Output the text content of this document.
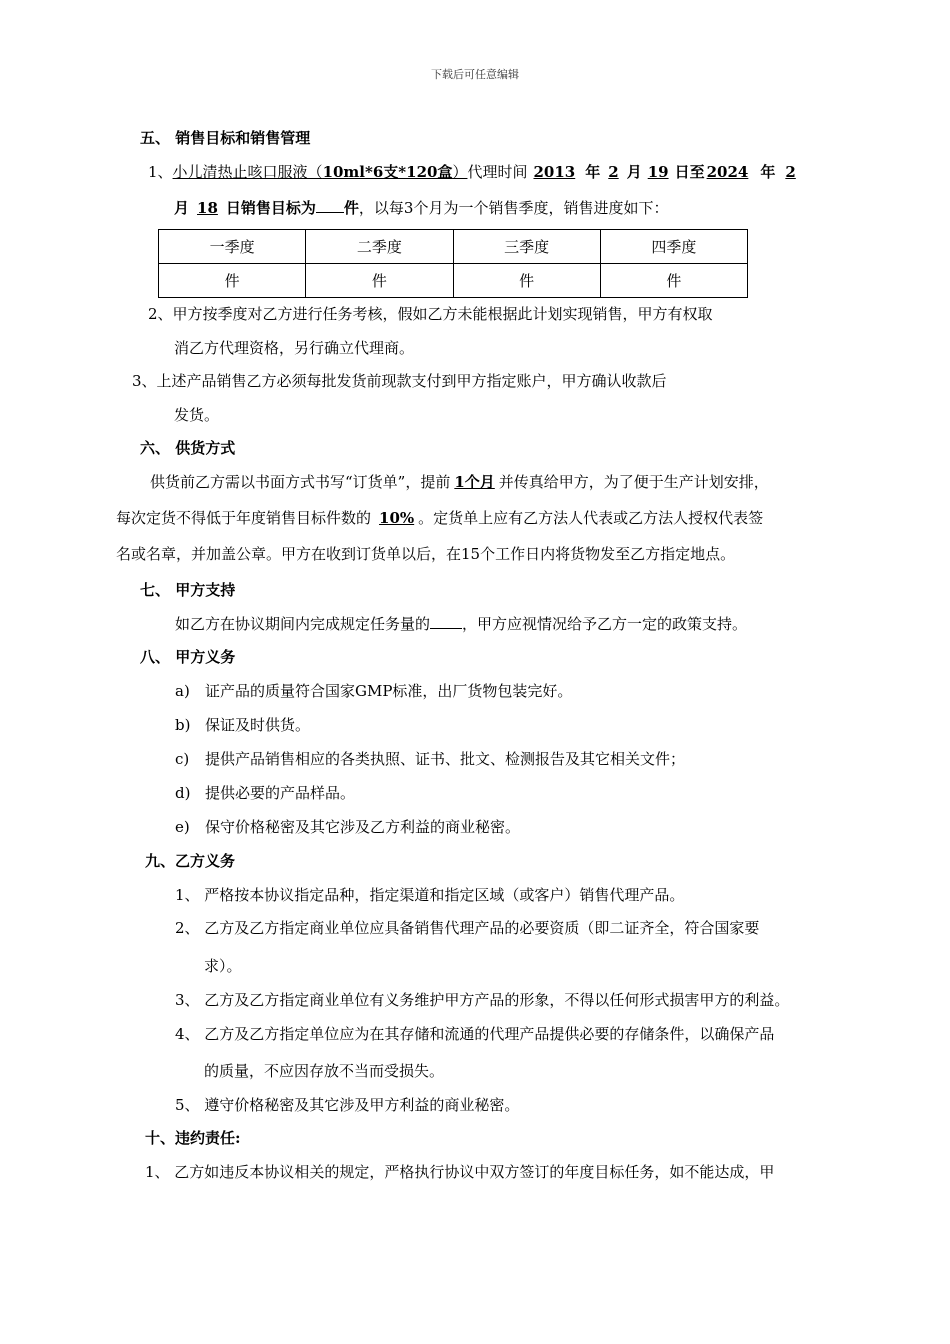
下载后可任意编辑
五、 销售目标和销售管理
1、小儿清热止咳口服液（10ml*6支*120盒）代理时间 2013 年 2 月 19 日至 2024 年 2
月 18 日销售目标为 件，以每3个月为一个销售季度，销售进度如下：
一季度	二季度	三季度	四季度
件	件	件	件
2、甲方按季度对乙方进行任务考核，假如乙方未能根据此计划实现销售，甲方有权取
消乙方代理资格，另行确立代理商。
3、上述产品销售乙方必须每批发货前现款支付到甲方指定账户，甲方确认收款后
发货。
六、 供货方式
供货前乙方需以书面方式书写“订货单”，提前 1个月 并传真给甲方，为了便于生产计划安排，
每次定货不得低于年度销售目标件数的 10% 。定货单上应有乙方法人代表或乙方法人授权代表签
名或名章，并加盖公章。甲方在收到订货单以后，在15个工作日内将货物发至乙方指定地点。
七、 甲方支持
如乙方在协议期间内完成规定任务量的 ，甲方应视情况给予乙方一定的政策支持。
八、 甲方义务
a) 证产品的质量符合国家GMP标准，出厂货物包装完好。
b) 保证及时供货。
c) 提供产品销售相应的各类执照、证书、批文、检测报告及其它相关文件；
d) 提供必要的产品样品。
e) 保守价格秘密及其它涉及乙方利益的商业秘密。
九、乙方义务
1、 严格按本协议指定品种，指定渠道和指定区域（或客户）销售代理产品。
2、 乙方及乙方指定商业单位应具备销售代理产品的必要资质（即二证齐全，符合国家要
求）。
3、 乙方及乙方指定商业单位有义务维护甲方产品的形象，不得以任何形式损害甲方的利益。
4、 乙方及乙方指定单位应为在其存储和流通的代理产品提供必要的存储条件，以确保产品
的质量，不应因存放不当而受损失。
5、 遵守价格秘密及其它涉及甲方利益的商业秘密。
十、违约责任:
1、 乙方如违反本协议相关的规定，严格执行协议中双方签订的年度目标任务，如不能达成，甲
